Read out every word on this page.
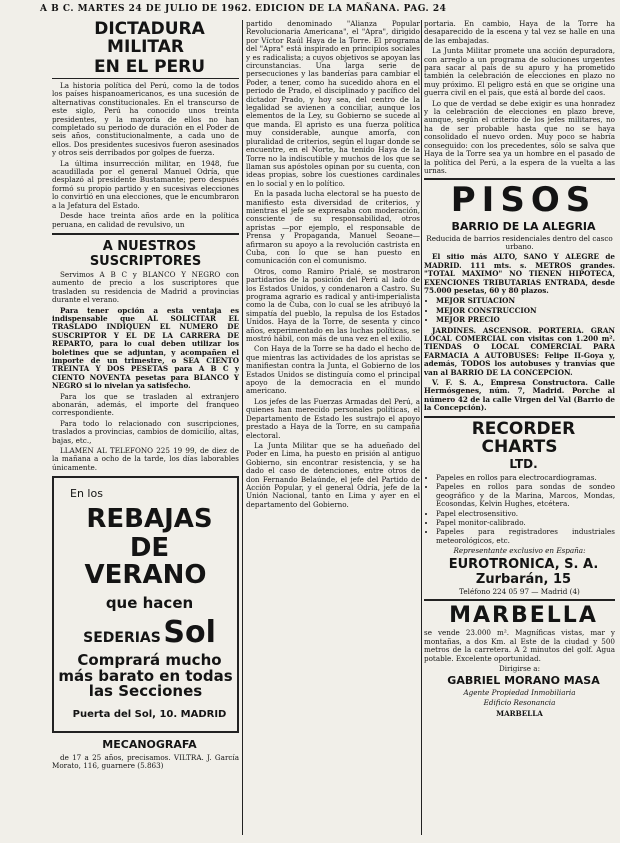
A B C. MARTES 24 DE JULIO DE 1962. EDICION DE LA MAÑANA. PAG. 24

DICTADURA MILITAR

EN EL PERU

La historia política del Perú, como la de todos los países hispanoamericanos, es una sucesión de alternativas constitucionales. En el transcurso de este siglo, Perú ha conocido unos treinta presidentes, y la mayoría de ellos no han completado su periodo de duración en el Poder de seis años, constitucionalmente, a cada uno de ellos. Dos presidentes sucesivos fueron asesinados y otros seis derribados por golpes de fuerza.

La última insurrección militar, en 1948, fue acaudillada por el general Manuel Odría, que desplazó al presidente Bustamante; pero después formó su propio partido y en sucesivas elecciones lo convirtió en una elecciones, que le encumbraron a la Jefatura del Estado.

Desde hace treinta años arde en la política peruana, en calidad de revulsivo, un

A NUESTROS SUSCRIPTORES

Servimos A B C y BLANCO Y NEGRO con aumento de precio a los suscriptores que trasladen su residencia de Madrid a provincias durante el verano.

Para tener opción a esta ventaja es indispensable que AL SOLICITAR EL TRASLADO INDIQUEN EL NUMERO DE SUSCRIPTOR Y EL DE LA CARRERA DE REPARTO, para lo cual deben utilizar los boletines que se adjuntan, y acompañen el importe de un trimestre, o SEA CIENTO TREINTA Y DOS PESETAS para A B C y CIENTO NOVENTA pesetas para BLANCO Y NEGRO si lo nivelan ya satisfecho.

Para los que se trasladen al extranjero abonarán, además, el importe del franqueo correspondiente.

Para todo lo relacionado con suscripciones, traslados a provincias, cambios de domicilio, altas, bajas, etc.,

LLAMEN AL TELEFONO 225 19 99, de diez de la mañana a ocho de la tarde, los días laborables únicamente.

En los

REBAJAS

DE VERANO

que hacen

SEDERIAS Sol

Comprará mucho más barato en todas las Secciones

Puerta del Sol, 10. MADRID

MECANOGRAFA

de 17 a 25 años, precisamos. VILTRA. J. García Morato, 116, guarnere (5.863)

partido denominado "Alianza Popular Revolucionaria Americana", el "Apra", dirigido por Víctor Raúl Haya de la Torre. El programa del "Apra" está inspirado en principios sociales y es radicalista; a cuyos objetivos se apoyan las circunstancias. Una larga serie de persecuciones y las banderías para cambiar el Poder, a tener, como ha sucedido ahora en el periodo de Prado, el disciplinado y pacífico del dictador Prado, y hoy sea, del centro de la legalidad se avienen a conciliar, aunque los elementos de la Ley, su Gobierno se sucede al que manda. El apristo es una fuerza política muy considerable, aunque amorfa, con pluralidad de criterios, según el lugar donde se encuentre, en el Norte, ha tenido Haya de la Torre no la indiscutible y muchos de los que se llaman sus apóstoles opinan por su cuenta, con ideas propias, sobre los cuestiones cardinales en lo social y en lo político.

En la pasada lucha electoral se ha puesto de manifiesto esta diversidad de criterios, y mientras el jefe se expresaba con moderación, consciente de su responsabilidad, otros apristas —por ejemplo, el responsable de Prensa y Propaganda, Manuel Seoane— afirmaron su apoyo a la revolución castrista en Cuba, con lo que se han puesto en comunicación con el comunismo.

Otros, como Ramiro Prialé, se mostraron partidarios de la posición del Perú al lado de los Estados Unidos, y condenaron a Castro. Su programa agrario es radical y anti-imperialista como la de Cuba, con lo cual se les atribuyó la simpatía del pueblo, la repulsa de los Estados Unidos. Haya de la Torre, de sesenta y cinco años, experimentado en las luchas políticas, se mostró hábil, con más de una vez en el exilio.

Con Haya de la Torre se ha dado el hecho de que mientras las actividades de los apristas se manifiestan contra la Junta, el Gobierno de los Estados Unidos se distinguía como el principal apoyo de la democracia en el mundo americano.

Los jefes de las Fuerzas Armadas del Perú, a quienes han merecido personales políticas, el Departamento de Estado les sustrajo el apoyo prestado a Haya de la Torre, en su campaña electoral.

La Junta Militar que se ha adueñado del Poder en Lima, ha puesto en prisión al antiguo Gobierno, sin encontrar resistencia, y se ha dado el caso de detenciones, entre otros de don Fernando Belaúnde, el jefe del Partido de Acción Popular, y el general Odría, jefe de la Unión Nacional, tanto en Lima y ayer en el departamento del Gobierno.

portaria. En cambio, Haya de la Torre ha desaparecido de la escena y tal vez se halle en una de las embajadas.

La Junta Militar promete una acción depuradora, con arreglo a un programa de soluciones urgentes para sacar al país de su apuro y ha prometido también la celebración de elecciones en plazo no muy próximo. El peligro está en que se origine una guerra civil en el país, que está al borde del caos.

Lo que de verdad se debe exigir es una honradez y la celebración de elecciones en plazo breve, aunque, según el criterio de los jefes militares, no ha de ser probable hasta que no se haya consolidado el nuevo orden. Muy poco se habría conseguido: con los precedentes, sólo se salva que Haya de la Torre sea ya un hombre en el pasado de la política del Perú, a la espera de la vuelta a las urnas.

PISOS

BARRIO DE LA ALEGRIA

Reducida de barrios residenciales dentro del casco urbano.

El sitio más ALTO, SANO Y ALEGRE de MADRID. 111 mts. s. METROS grandes. "TOTAL MAXIMO" NO TIENEN HIPOTECA, EXENCIONES TRIBUTARIAS ENTRADA, desde 75.000 pesetas, 60 y 80 plazos.

• MEJOR SITUACION
• MEJOR CONSTRUCCION
• MEJOR PRECIO

JARDINES. ASCENSOR. PORTERIA. GRAN LOCAL COMERCIAL con visitas con 1.200 m². TIENDAS O LOCAL COMERCIAL PARA FARMACIA A AUTOBUSES: Felipe II-Goya y, además, TODOS los autobuses y tranvías que van al BARRIO DE LA CONCEPCION.

V. F. S. A., Empresa Constructora. Calle Hermósgenes, núm. 7, Madrid. Porche al número 42 de la calle Virgen del Val (Barrio de la Concepción).

RECORDER CHARTS

LTD.

• Papeles en rollos para electrocardiogramas.
• Papeles en rollos para sondas de sondeo geográfico y de la Marina, Marcos, Mondas, Ecosondas, Kelvin Hughes, etcétera.
• Papel electrosensitivo.
• Papel monitor-calibrado.
• Papeles para registradores industriales meteorológicos, etc.

Representante exclusivo en España:

EUROTRONICA, S. A.

Zurbarán, 15

Teléfono 224 05 97 — Madrid (4)

MARBELLA

se vende 23.000 m². Magníficas vistas, mar y montañas, a dos Km. al Este de la ciudad y 500 metros de la carretera. A 2 minutos del golf. Agua potable. Excelente oportunidad.

Dirigirse a:

GABRIEL MORANO MASA

Agente Propiedad Inmobiliaria

Edificio Resonancia

MARBELLA
